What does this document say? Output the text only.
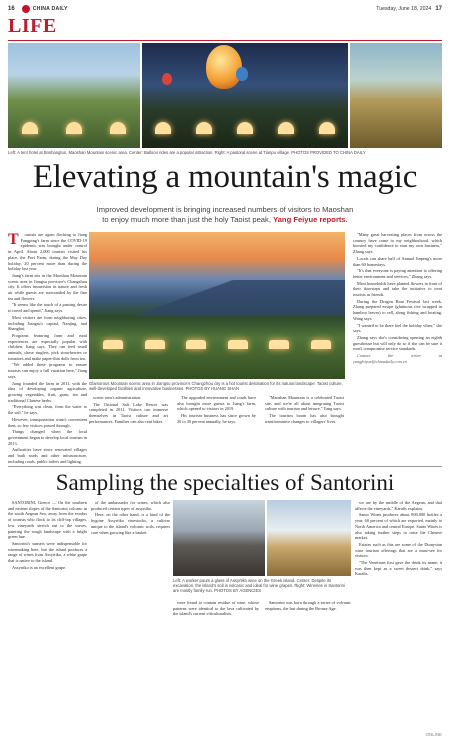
16	CHINA DAILY	Tuesday, June 18, 2024 17
LIFE
Left: A tent hotel at Boshangtun, Maoshan Mountain scenic area. Center: Balloon rides are a popular attraction. Right: A pastoral scene at Tianpu village. PHOTOS PROVIDED TO CHINA DAILY
Elevating a mountain's magic
Improved development is bringing increased numbers of visitors to Maoshan to enjoy much more than just the holy Taoist peak, Yang Feiyue reports.
T	ourists are again flocking to Jiang Fangping's farm since the COVID-19 epidemic was brought under control in April. About 2,000 tourists visited his place, the Pavi Farm, during the May Day holiday, 20 percent more than during the holiday last year.

Jiang's farm sits in the Maoshan Mountain scenic area in Jiangsu province's Changzhou city. It offers immersion in nature and fresh air while guests are surrounded by the fine tea and flowers.

"It seems like the touch of a passing desire to travel and spend," Jiang says.

Most visitors are from neighboring cities, including Jiangsu's capital, Nanjing, and Shanghai.

Programs featuring farm and rural experiences are especially popular with children, Jiang says. They can feed small animals, chase ringlets, pick strawberries or tomatoes and make paper-thin dolls from tea.

"We added these programs to ensure tourists can enjoy a full vacation here," Jiang says.

Jiang founded the farm in 2011, with the idea of developing organic agriculture, growing vegetables, fruit, grain, tea and traditional Chinese herbs.

"Everything was clean, from the water to the soil," he says.

However, transportation wasn't convenient then, so few visitors passed through.

Things changed when the local government began to develop local tourism in 2013.

Authorities have since renovated villages and built roads and other infrastructure, including roads, public toilets and lighting.

Glamorous Mountain scenic area in Jiangsu province's Changzhou city is a hot tourist destination for its natural landscape. Taoist culture, well-developed facilities and innovative businesses. PHOTOS BY HUANG SHAN

scenic area's administration.

The Ortional Salt Lake Resort was completed in 2011. Visitors can immerse themselves in Taoist culture and art performances. Families can also rent bikes.

The upgraded environment and roads have also brought more guests to Jiang's farm, which opened to visitors in 2019.

His tourism business has since grown by 20 to 30 percent annually, he says.

"Maoshan Mountain is a celebrated Taoist site, and we're all about integrating Taoist culture with tourism and leisure," Yang says.

The tourism boom has also brought transformative changes to villagers' lives.

"Many great harvesting places from across the country have come to my neighborhood, which boosted my confidence to start my own business," Zhang says.

Locals can share half of Annual Jinpeng's more than 60 homestays.

"It's that everyone is paying attention to offering better environment and services," Zhang says.

Most households have planted flowers in front of their doorsteps and take the initiative to treat tourists as friends.

During the Dragon Boat Festival last week, Zhang prepared exsipe (glutinous rice wrapped in bamboo leaves) to sell, along fishing and boating, Wang says.

"I wanted to be there feel the holiday vibes," she says.

Zhang says she's considering opening an eighth guesthouse but will only do so if she can be sure it won't compromise service standards.

Contact the writer at yangfeiyue@chinadaily.com.cn

Sampling the specialties of Santorini

SANTORINI, Greece — On the southern and eastern slopes of the Santorini volcano in the south Aegean Sea, away from the exodus of tourists who flock to its cliff-top villages, low vineyards stretch out to the waves, painting the rough landscape with a bright green hue.

Santorini's sunsets were indispensable for winemaking here, but the island produces a range of wines from Assyrtiko, a white grape that is native to the island.

Assyrtiko is an excellent grape.

of the ambassador for wines, which also produced certain types of assyrtiko.

Here, on the other hand, is a kind of the bygone Assyrtiko vinestocks, a cultivar unique to the island's volcanic soils, requires care when growing like a basket.

Left: A worker pours a glass of Assyrtiko wine on the Greek island. Center: Despite its excavation, the island's soil is volcanic and ideal for wine grapes. Right: Wineries in Santorini are mostly family-run. PHOTOS BY AGENCIES

were found to contain residue of wine, whose patterns were identical to the lava cultivated by the island's current viticulturalists.

Santorini was born through a series of volcanic eruptions, the last during the Bronze Age.

we are by the middle of the Aegean, and that affects the vineyards," Karalis explains.

Santo Wines produces about 800,000 bottles a year, 60 percent of which are exported, mainly to North America and central Europe. Santo Wines is also taking further steps to raise the Chinese market.

Estates such as this are some of the Dionysian wine tourism offerings that are a must-see for visitors.

"The Venetians first gave the drink its name; it was then kept as a sweet dessert drink," says Karalis.

ONLINE
